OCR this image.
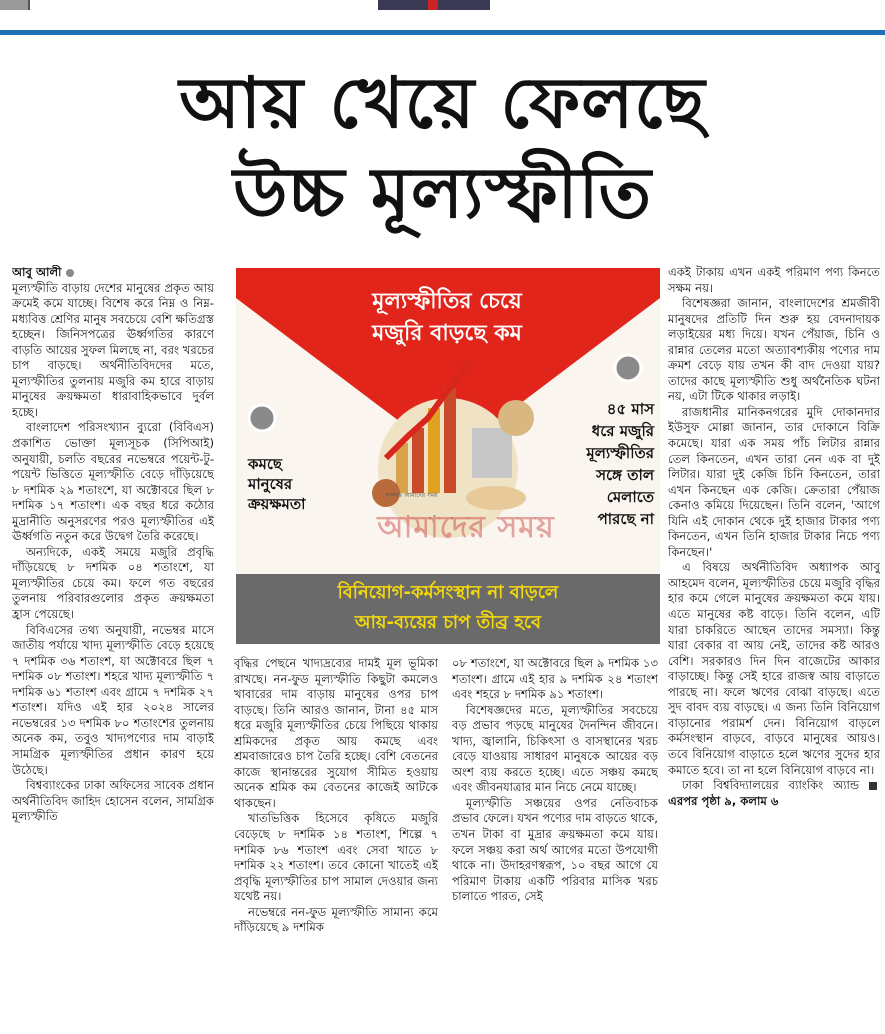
আয় খেয়ে ফেলছে
উচ্চ মূল্যস্ফীতি

আবু আলী

মূল্যস্ফীতি বাড়ায় দেশের মানুষের প্রকৃত আয় ক্রমেই কমে যাচ্ছে। বিশেষ করে নিম্ন ও নিম্ন-মধ্যবিত্ত শ্রেণির মানুষ সবচেয়ে বেশি ক্ষতিগ্রস্ত হচ্ছেন। জিনিসপত্রের ঊর্ধ্বগতির কারণে বাড়তি আয়ের সুফল মিলছে না, বরং খরচের চাপ বাড়ছে। অর্থনীতিবিদদের মতে, মূল্যস্ফীতির তুলনায় মজুরি কম হারে বাড়ায় মানুষের ক্রয়ক্ষমতা ধারাবাহিকভাবে দুর্বল হচ্ছে।

বাংলাদেশ পরিসংখ্যান ব্যুরো (বিবিএস) প্রকাশিত ভোক্তা মূল্যসূচক (সিপিআই) অনুযায়ী, চলতি বছরের নভেম্বরে পয়েন্ট-টু-পয়েন্ট ভিত্তিতে মূল্যস্ফীতি বেড়ে দাঁড়িয়েছে ৮ দশমিক ২৯ শতাংশে, যা অক্টোবরে ছিল ৮ দশমিক ১৭ শতাংশ। এক বছর ধরে কঠোর মুদ্রানীতি অনুসরণের পরও মূল্যস্ফীতির এই ঊর্ধ্বগতি নতুন করে উদ্বেগ তৈরি করেছে।

অন্যদিকে, একই সময়ে মজুরি প্রবৃদ্ধি দাঁড়িয়েছে ৮ দশমিক ০৪ শতাংশে, যা মূল্যস্ফীতির চেয়ে কম। ফলে গত বছরের তুলনায় পরিবারগুলোর প্রকৃত ক্রয়ক্ষমতা হ্রাস পেয়েছে।

বিবিএসের তথ্য অনুযায়ী, নভেম্বর মাসে জাতীয় পর্যায়ে খাদ্য মূল্যস্ফীতি বেড়ে হয়েছে ৭ দশমিক ৩৬ শতাংশ, যা অক্টোবরে ছিল ৭ দশমিক ০৮ শতাংশ। শহরে খাদ্য মূল্যস্ফীতি ৭ দশমিক ৬১ শতাংশ এবং গ্রামে ৭ দশমিক ২৭ শতাংশ। যদিও এই হার ২০২৪ সালের নভেম্বরের ১৩ দশমিক ৮০ শতাংশের তুলনায় অনেক কম, তবুও খাদ্যপণ্যের দাম বাড়াই সামগ্রিক মূল্যস্ফীতির প্রধান কারণ হয়ে উঠেছে।

বিশ্বব্যাংকের ঢাকা অফিসের সাবেক প্রধান অর্থনীতিবিদ জাহিদ হোসেন বলেন, সামগ্রিক মূল্যস্ফীতি

মূল্যস্ফীতির চেয়ে
মজুরি বাড়ছে কম
কমছে
মানুষের
ক্রয়ক্ষমতা
৪৫ মাস
ধরে মজুরি
মূল্যস্ফীতির
সঙ্গে তাল
মেলাতে
পারছে না
নকশাঃ আমাদের সময়
আমাদের সময়
বিনিয়োগ-কর্মসংস্থান না বাড়লে
আয়-ব্যয়ের চাপ তীব্র হবে

বৃদ্ধির পেছনে খাদ্যদ্রব্যের দামই মূল ভূমিকা রাখছে। নন-ফুড মূল্যস্ফীতি কিছুটা কমলেও খাবারের দাম বাড়ায় মানুষের ওপর চাপ বাড়ছে। তিনি আরও জানান, টানা ৪৫ মাস ধরে মজুরি মূল্যস্ফীতির চেয়ে পিছিয়ে থাকায় শ্রমিকদের প্রকৃত আয় কমছে এবং শ্রমবাজারেও চাপ তৈরি হচ্ছে। বেশি বেতনের কাজে স্থানান্তরের সুযোগ সীমিত হওয়ায় অনেক শ্রমিক কম বেতনের কাজেই আটকে থাকছেন।

খাতভিত্তিক হিসেবে কৃষিতে মজুরি বেড়েছে ৮ দশমিক ১৪ শতাংশ, শিল্পে ৭ দশমিক ৮৬ শতাংশ এবং সেবা খাতে ৮ দশমিক ২২ শতাংশ। তবে কোনো খাতেই এই প্রবৃদ্ধি মূল্যস্ফীতির চাপ সামাল দেওয়ার জন্য যথেষ্ট নয়।

নভেম্বরে নন-ফুড মূল্যস্ফীতি সামান্য কমে দাঁড়িয়েছে ৯ দশমিক

০৮ শতাংশে, যা অক্টোবরে ছিল ৯ দশমিক ১৩ শতাংশ। গ্রামে এই হার ৯ দশমিক ২৪ শতাংশ এবং শহরে ৮ দশমিক ৯১ শতাংশ।

বিশেষজ্ঞদের মতে, মূল্যস্ফীতির সবচেয়ে বড় প্রভাব পড়ছে মানুষের দৈনন্দিন জীবনে। খাদ্য, জ্বালানি, চিকিৎসা ও বাসস্থানের খরচ বেড়ে যাওয়ায় সাধারণ মানুষকে আয়ের বড় অংশ ব্যয় করতে হচ্ছে। এতে সঞ্চয় কমছে এবং জীবনযাত্রার মান নিচে নেমে যাচ্ছে।

মূল্যস্ফীতি সঞ্চয়ের ওপর নেতিবাচক প্রভাব ফেলে। যখন পণ্যের দাম বাড়তে থাকে, তখন টাকা বা মুদ্রার ক্রয়ক্ষমতা কমে যায়। ফলে সঞ্চয় করা অর্থ আগের মতো উপযোগী থাকে না। উদাহরণস্বরূপ, ১০ বছর আগে যে পরিমাণ টাকায় একটি পরিবার মাসিক খরচ চালাতে পারত, সেই

একই টাকায় এখন একই পরিমাণ পণ্য কিনতে সক্ষম নয়।

বিশেষজ্ঞরা জানান, বাংলাদেশের শ্রমজীবী মানুষদের প্রতিটি দিন শুরু হয় বেদনাদায়ক লড়াইয়ের মধ্য দিয়ে। যখন পেঁয়াজ, চিনি ও রান্নার তেলের মতো অত্যাবশ্যকীয় পণ্যের দাম ক্রমশ বেড়ে যায় তখন কী বাদ দেওয়া যায়? তাদের কাছে মূল্যস্ফীতি শুধু অর্থনৈতিক ঘটনা নয়, এটা টিকে থাকার লড়াই।

রাজধানীর মানিকনগরের মুদি দোকানদার ইউসুফ মোল্লা জানান, তার দোকানে বিক্রি কমেছে। যারা এক সময় পাঁচ লিটার রান্নার তেল কিনতেন, এখন তারা নেন এক বা দুই লিটার। যারা দুই কেজি চিনি কিনতেন, তারা এখন কিনছেন এক কেজি। ক্রেতারা পেঁয়াজ কেনাও কমিয়ে দিয়েছেন। তিনি বলেন, 'আগে যিনি এই দোকান থেকে দুই হাজার টাকার পণ্য কিনতেন, এখন তিনি হাজার টাকার নিচে পণ্য কিনছেন।'

এ বিষয়ে অর্থনীতিবিদ অধ্যাপক আবু আহমেদ বলেন, মূল্যস্ফীতির চেয়ে মজুরি বৃদ্ধির হার কমে গেলে মানুষের ক্রয়ক্ষমতা কমে যায়। এতে মানুষের কষ্ট বাড়ে। তিনি বলেন, এটি যারা চাকরিতে আছেন তাদের সমস্যা। কিন্তু যারা বেকার বা আয় নেই, তাদের কষ্ট আরও বেশি। সরকারও দিন দিন বাজেটের আকার বাড়াচ্ছে। কিন্তু সেই হারে রাজস্ব আয় বাড়াতে পারছে না। ফলে ঋণের বোঝা বাড়ছে। এতে সুদ বাবদ ব্যয় বাড়ছে। এ জন্য তিনি বিনিয়োগ বাড়ানোর পরামর্শ দেন। বিনিয়োগ বাড়লে কর্মসংস্থান বাড়বে, বাড়বে মানুষের আয়ও। তবে বিনিয়োগ বাড়াতে হলে ঋণের সুদের হার কমাতে হবে। তা না হলে বিনিয়োগ বাড়বে না।

ঢাকা বিশ্ববিদ্যালয়ের ব্যাংকিং অ্যান্ড এরপর পৃষ্ঠা ৯, কলাম ৬
